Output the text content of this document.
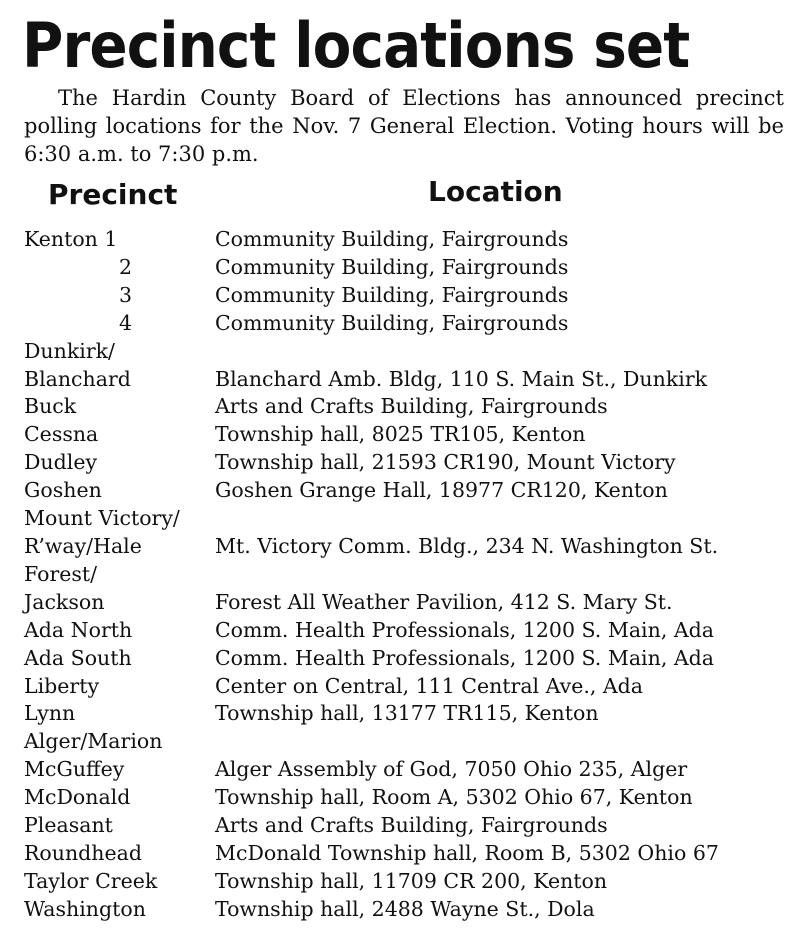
Precinct locations set

The Hardin County Board of Elections has announced precinct polling locations for the Nov. 7 General Election. Voting hours will be 6:30 a.m. to 7:30 p.m.

Precinct	Location
Kenton 1	Community Building, Fairgrounds
2	Community Building, Fairgrounds
3	Community Building, Fairgrounds
4	Community Building, Fairgrounds
Dunkirk/
Blanchard	Blanchard Amb. Bldg, 110 S. Main St., Dunkirk
Buck	Arts and Crafts Building, Fairgrounds
Cessna	Township hall, 8025 TR105, Kenton
Dudley	Township hall, 21593 CR190, Mount Victory
Goshen	Goshen Grange Hall, 18977 CR120, Kenton
Mount Victory/
R’way/Hale	Mt. Victory Comm. Bldg., 234 N. Washington St.
Forest/
Jackson	Forest All Weather Pavilion, 412 S. Mary St.
Ada North	Comm. Health Professionals, 1200 S. Main, Ada
Ada South	Comm. Health Professionals, 1200 S. Main, Ada
Liberty	Center on Central, 111 Central Ave., Ada
Lynn	Township hall, 13177 TR115, Kenton
Alger/Marion
McGuffey	Alger Assembly of God, 7050 Ohio 235, Alger
McDonald	Township hall, Room A, 5302 Ohio 67, Kenton
Pleasant	Arts and Crafts Building, Fairgrounds
Roundhead	McDonald Township hall, Room B, 5302 Ohio 67
Taylor Creek	Township hall, 11709 CR 200, Kenton
Washington	Township hall, 2488 Wayne St., Dola
